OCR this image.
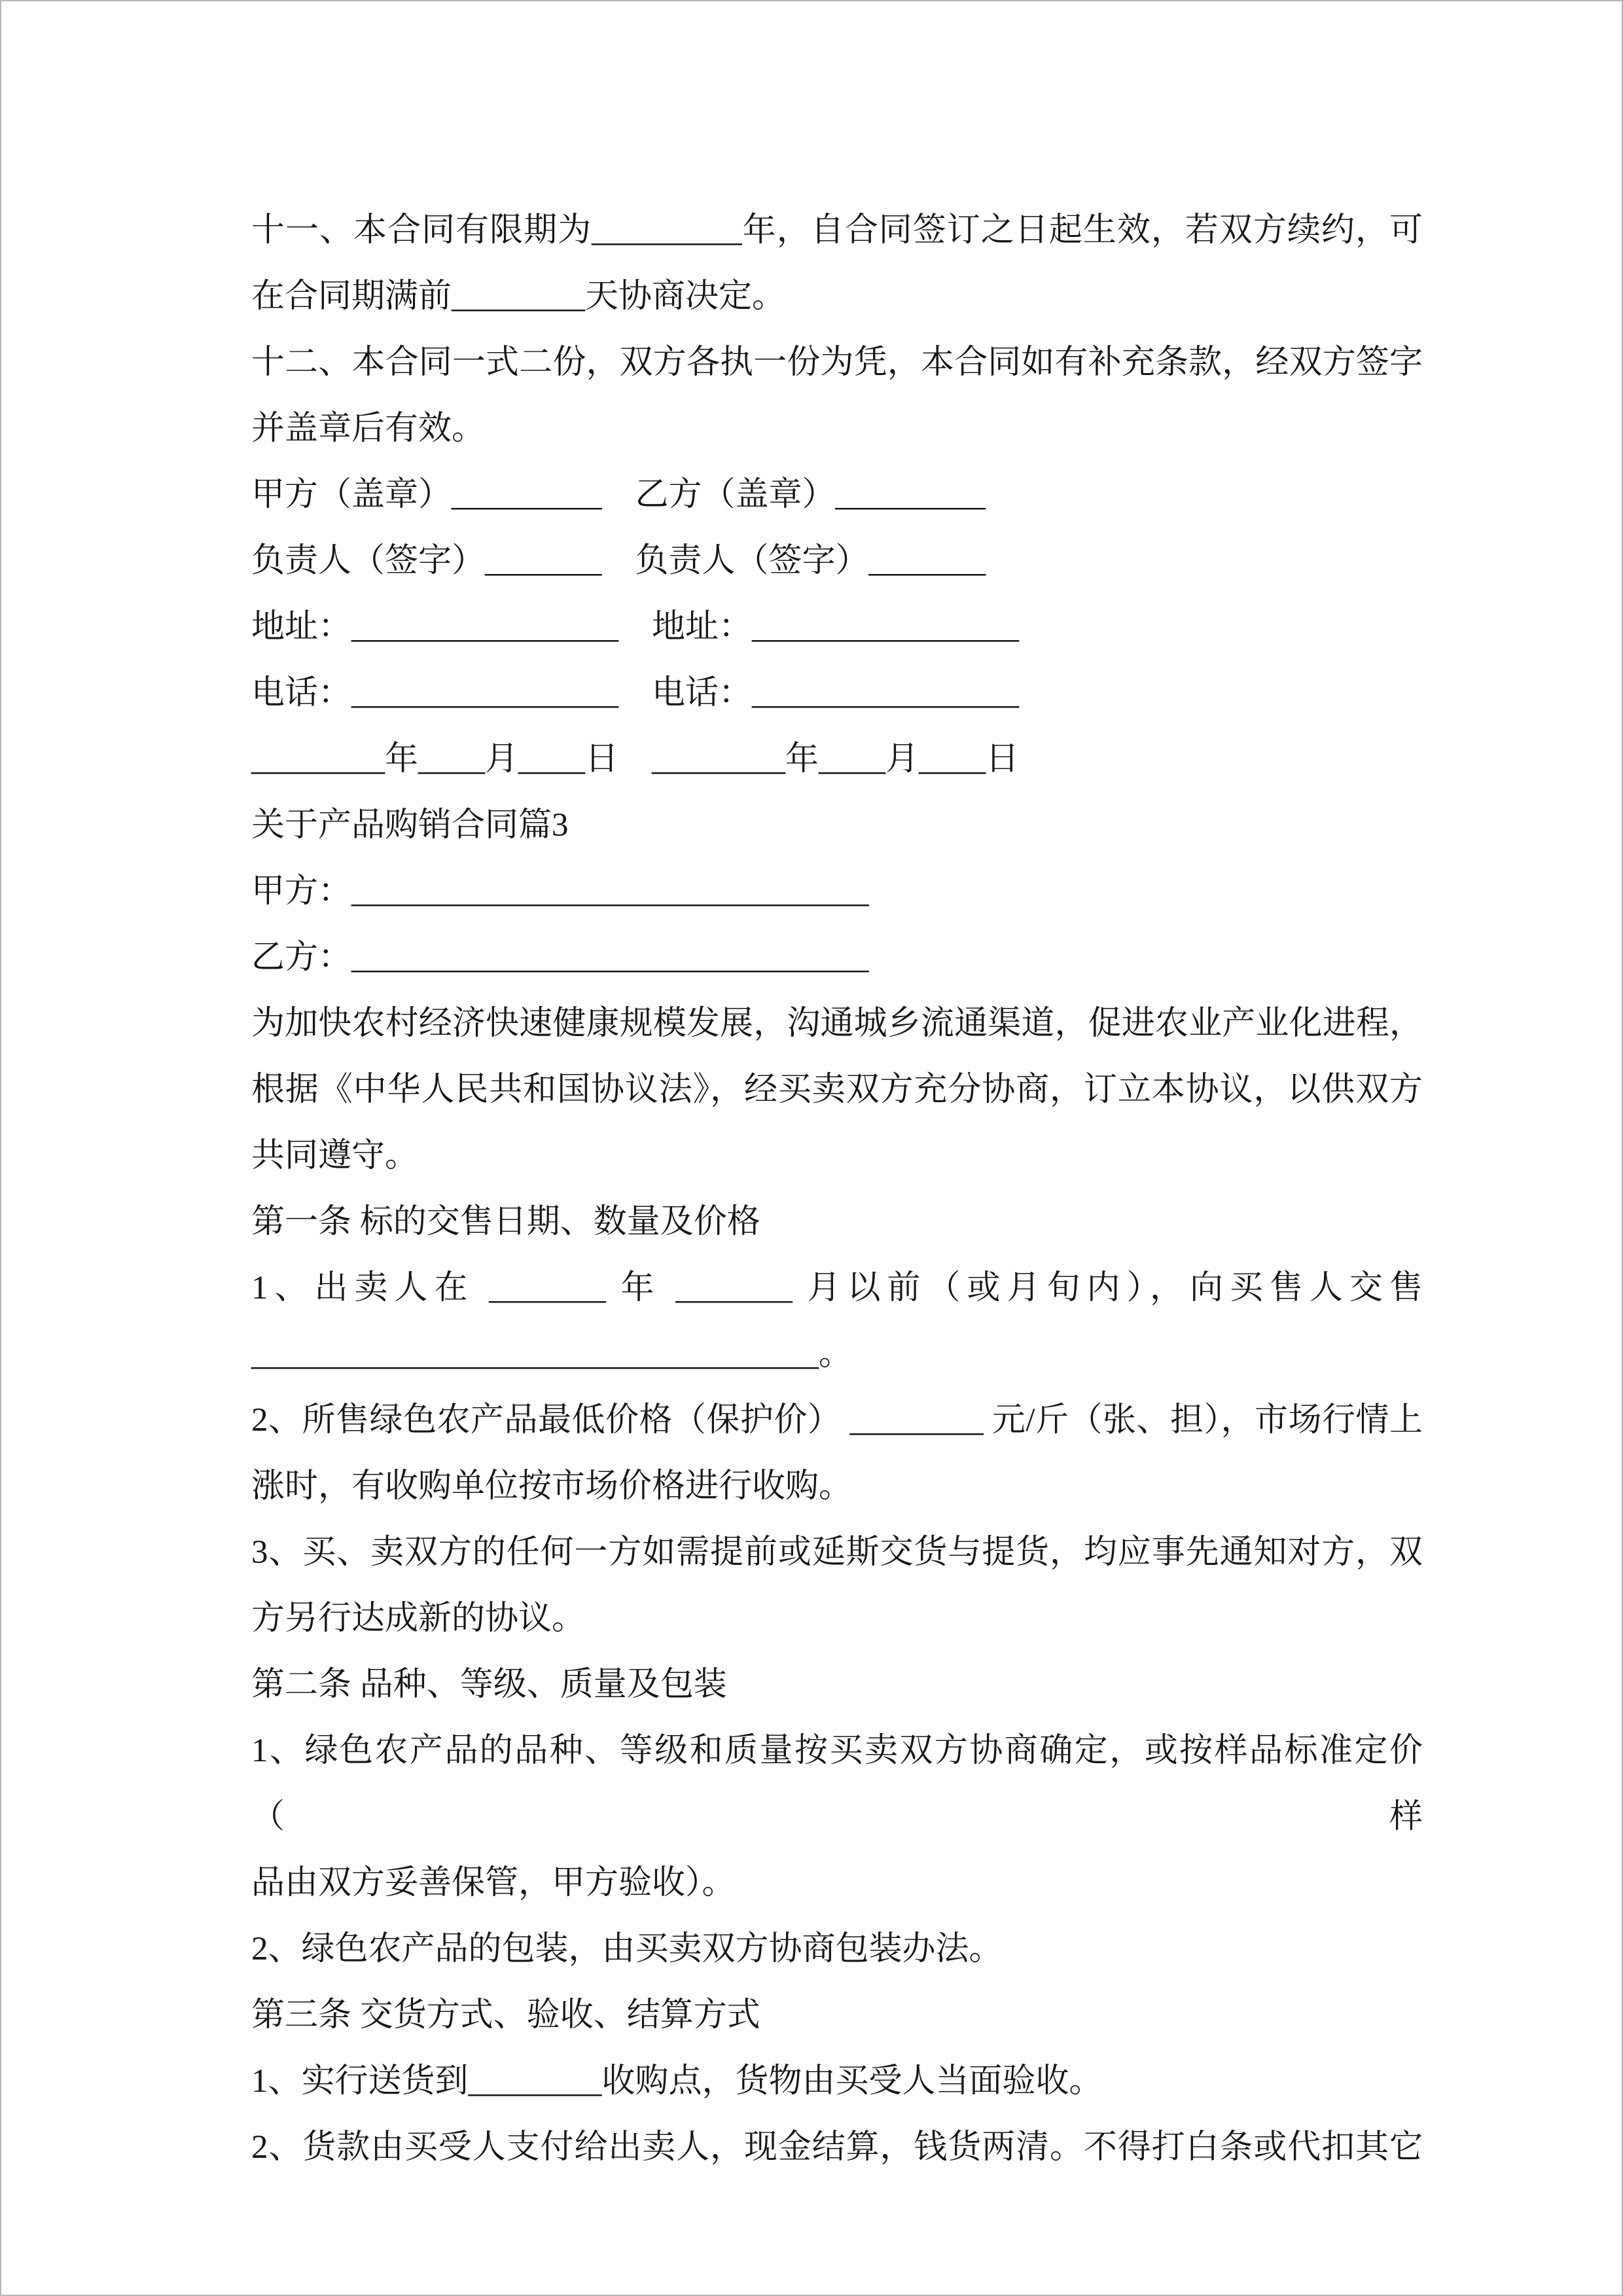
十一、本合同有限期为_________年，自合同签订之日起生效，若双方续约，可
在合同期满前________天协商决定。
十二、本合同一式二份，双方各执一份为凭，本合同如有补充条款，经双方签字
并盖章后有效。
甲方（盖章）_________　乙方（盖章）_________
负责人（签字）_______　负责人（签字）_______
地址：________________　地址：________________
电话：________________　电话：________________
________年____月____日　________年____月____日
关于产品购销合同篇3
甲方：_______________________________
乙方：_______________________________
为加快农村经济快速健康规模发展，沟通城乡流通渠道，促进农业产业化进程，
根据《中华人民共和国协议法》，经买卖双方充分协商，订立本协议，以供双方
共同遵守。
第一条 标的交售日期、数量及价格
1、出卖人在 _______ 年 _______ 月以前（或月旬内），向买售人交售
__________________________________。
2、所售绿色农产品最低价格（保护价） ________ 元/斤（张、担），市场行情上
涨时，有收购单位按市场价格进行收购。
3、买、卖双方的任何一方如需提前或延斯交货与提货，均应事先通知对方，双
方另行达成新的协议。
第二条 品种、等级、质量及包装
1、绿色农产品的品种、等级和质量按买卖双方协商确定，或按样品标准定价（样
品由双方妥善保管，甲方验收）。
2、绿色农产品的包装，由买卖双方协商包装办法。
第三条 交货方式、验收、结算方式
1、实行送货到________收购点，货物由买受人当面验收。
2、货款由买受人支付给出卖人，现金结算，钱货两清。不得打白条或代扣其它
